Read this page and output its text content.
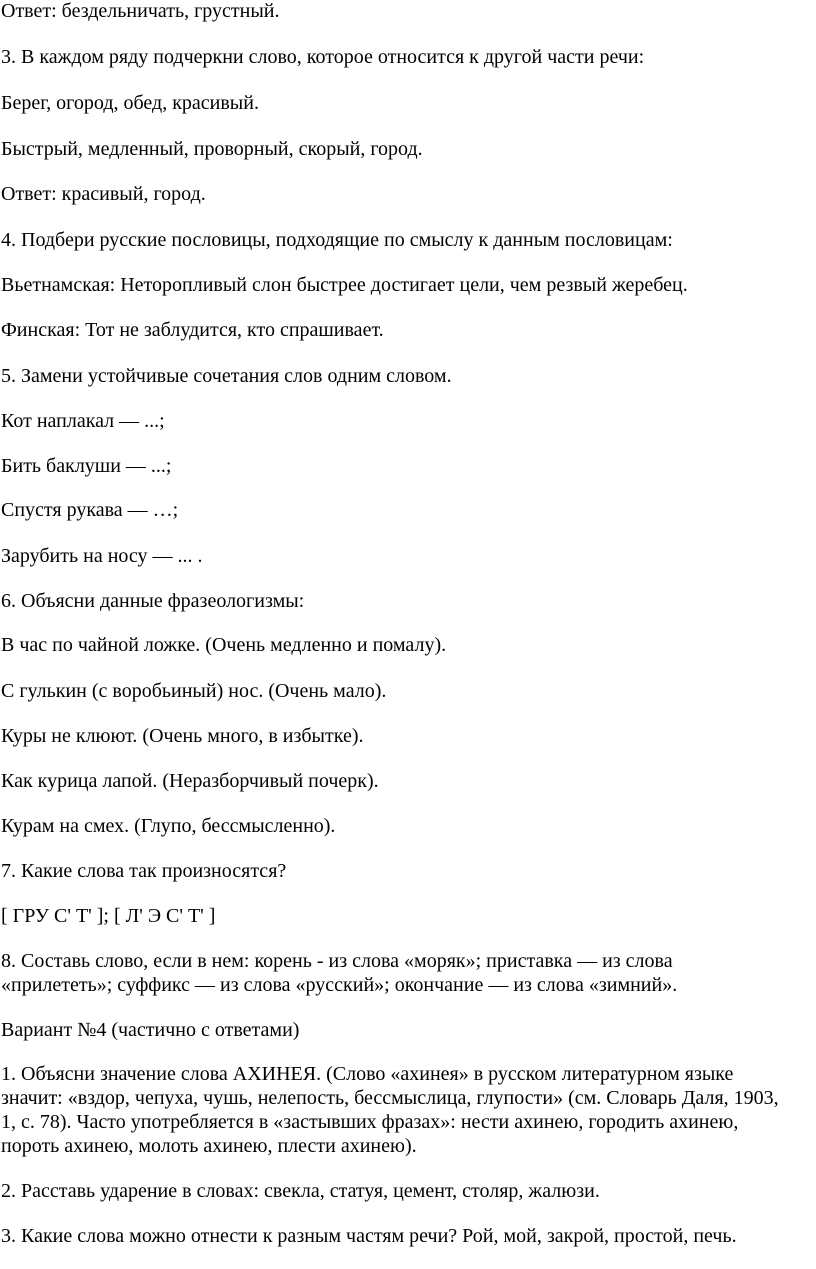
Ответ: бездельничать, грустный.

3. В каждом ряду подчеркни слово, которое относится к другой части речи:

Берег, огород, обед, красивый.

Быстрый, медленный, проворный, скорый, город.

Ответ: красивый, город.

4. Подбери русские пословицы, подходящие по смыслу к данным пословицам:

Вьетнамская: Неторопливый слон быстрее достигает цели, чем резвый жеребец.

Финская: Тот не заблудится, кто спрашивает.

5. Замени устойчивые сочетания слов одним словом.

Кот наплакал — ...;

Бить баклуши — ...;

Спустя рукава — …;

Зарубить на носу — ... .

6. Объясни данные фразеологизмы:

В час по чайной ложке. (Очень медленно и помалу).

С гулькин (с воробьиный) нос. (Очень мало).

Куры не клюют. (Очень много, в избытке).

Как курица лапой. (Неразборчивый почерк).

Курам на смех. (Глупо, бессмысленно).

7. Какие слова так произносятся?

[ ГРУ С' Т' ]; [ Л' Э С' Т' ]

8. Составь слово, если в нем: корень - из слова «моряк»; приставка — из слова

«прилететь»; суффикс — из слова «русский»; окончание — из слова «зимний».

Вариант №4 (частично с ответами)

1. Объясни значение слова АХИНЕЯ. (Слово «ахинея» в русском литературном языке

значит: «вздор, чепуха, чушь, нелепость, бессмыслица, глупости» (см. Словарь Даля, 1903,

1, с. 78). Часто употребляется в «застывших фразах»: нести ахинею, городить ахинею,

пороть ахинею, молоть ахинею, плести ахинею).

2. Расставь ударение в словах: свекла, статуя, цемент, столяр, жалюзи.

3. Какие слова можно отнести к разным частям речи? Рой, мой, закрой, простой, печь.
